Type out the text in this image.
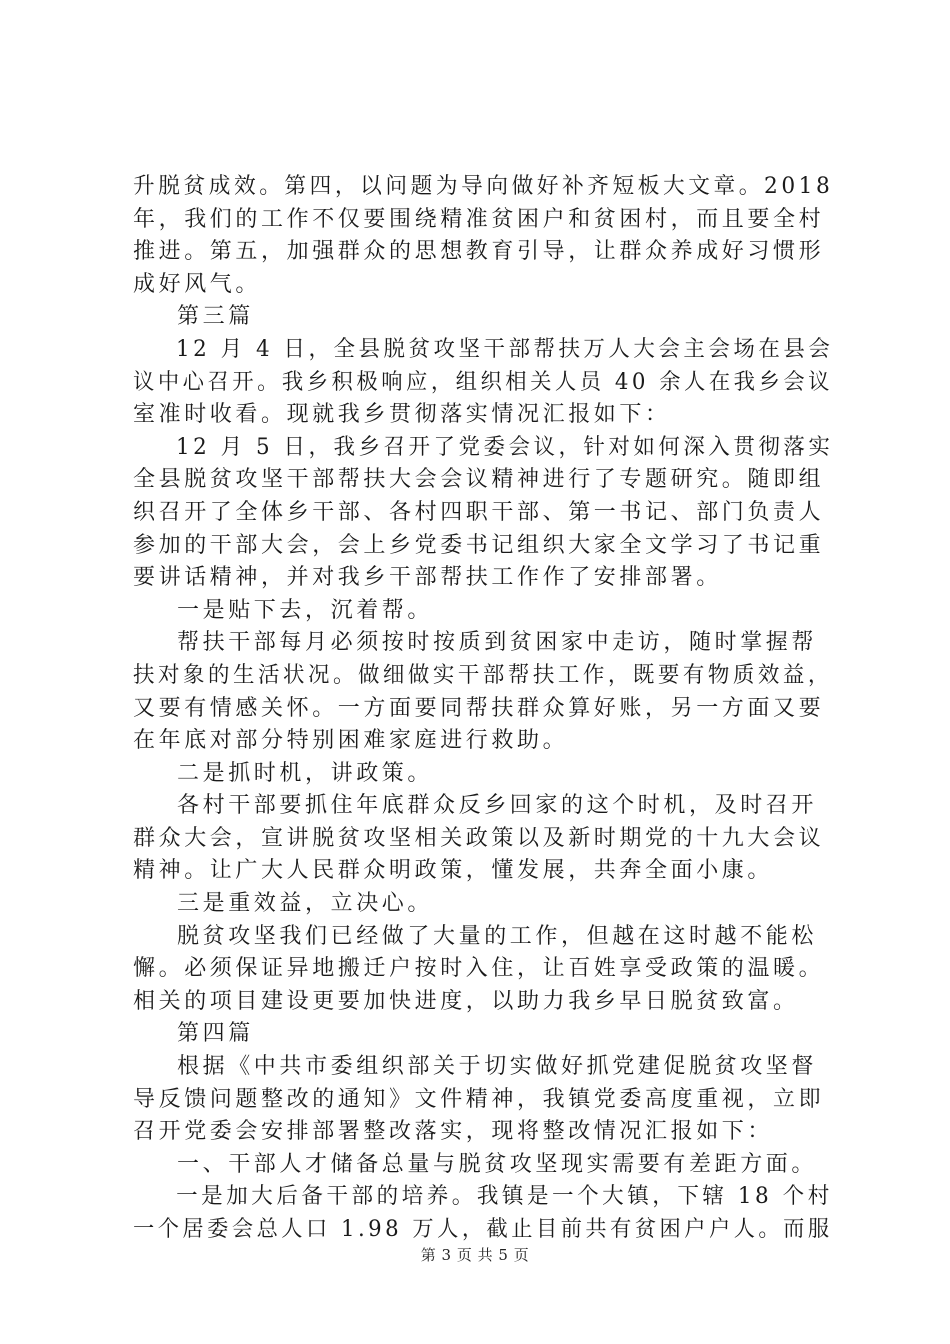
升脱贫成效。第四，以问题为导向做好补齐短板大文章。2018
年，我们的工作不仅要围绕精准贫困户和贫困村，而且要全村
推进。第五，加强群众的思想教育引导，让群众养成好习惯形
成好风气。
第三篇
12 月 4 日，全县脱贫攻坚干部帮扶万人大会主会场在县会
议中心召开。我乡积极响应，组织相关人员 40 余人在我乡会议
室准时收看。现就我乡贯彻落实情况汇报如下：
12 月 5 日，我乡召开了党委会议，针对如何深入贯彻落实
全县脱贫攻坚干部帮扶大会会议精神进行了专题研究。随即组
织召开了全体乡干部、各村四职干部、第一书记、部门负责人
参加的干部大会，会上乡党委书记组织大家全文学习了书记重
要讲话精神，并对我乡干部帮扶工作作了安排部署。
一是贴下去，沉着帮。
帮扶干部每月必须按时按质到贫困家中走访，随时掌握帮
扶对象的生活状况。做细做实干部帮扶工作，既要有物质效益，
又要有情感关怀。一方面要同帮扶群众算好账，另一方面又要
在年底对部分特别困难家庭进行救助。
二是抓时机，讲政策。
各村干部要抓住年底群众反乡回家的这个时机，及时召开
群众大会，宣讲脱贫攻坚相关政策以及新时期党的十九大会议
精神。让广大人民群众明政策，懂发展，共奔全面小康。
三是重效益，立决心。
脱贫攻坚我们已经做了大量的工作，但越在这时越不能松
懈。必须保证异地搬迁户按时入住，让百姓享受政策的温暖。
相关的项目建设更要加快进度，以助力我乡早日脱贫致富。
第四篇
根据《中共市委组织部关于切实做好抓党建促脱贫攻坚督
导反馈问题整改的通知》文件精神，我镇党委高度重视，立即
召开党委会安排部署整改落实，现将整改情况汇报如下：
一、干部人才储备总量与脱贫攻坚现实需要有差距方面。
一是加大后备干部的培养。我镇是一个大镇，下辖 18 个村
一个居委会总人口 1.98 万人，截止目前共有贫困户户人。而服
第 3 页 共 5 页
